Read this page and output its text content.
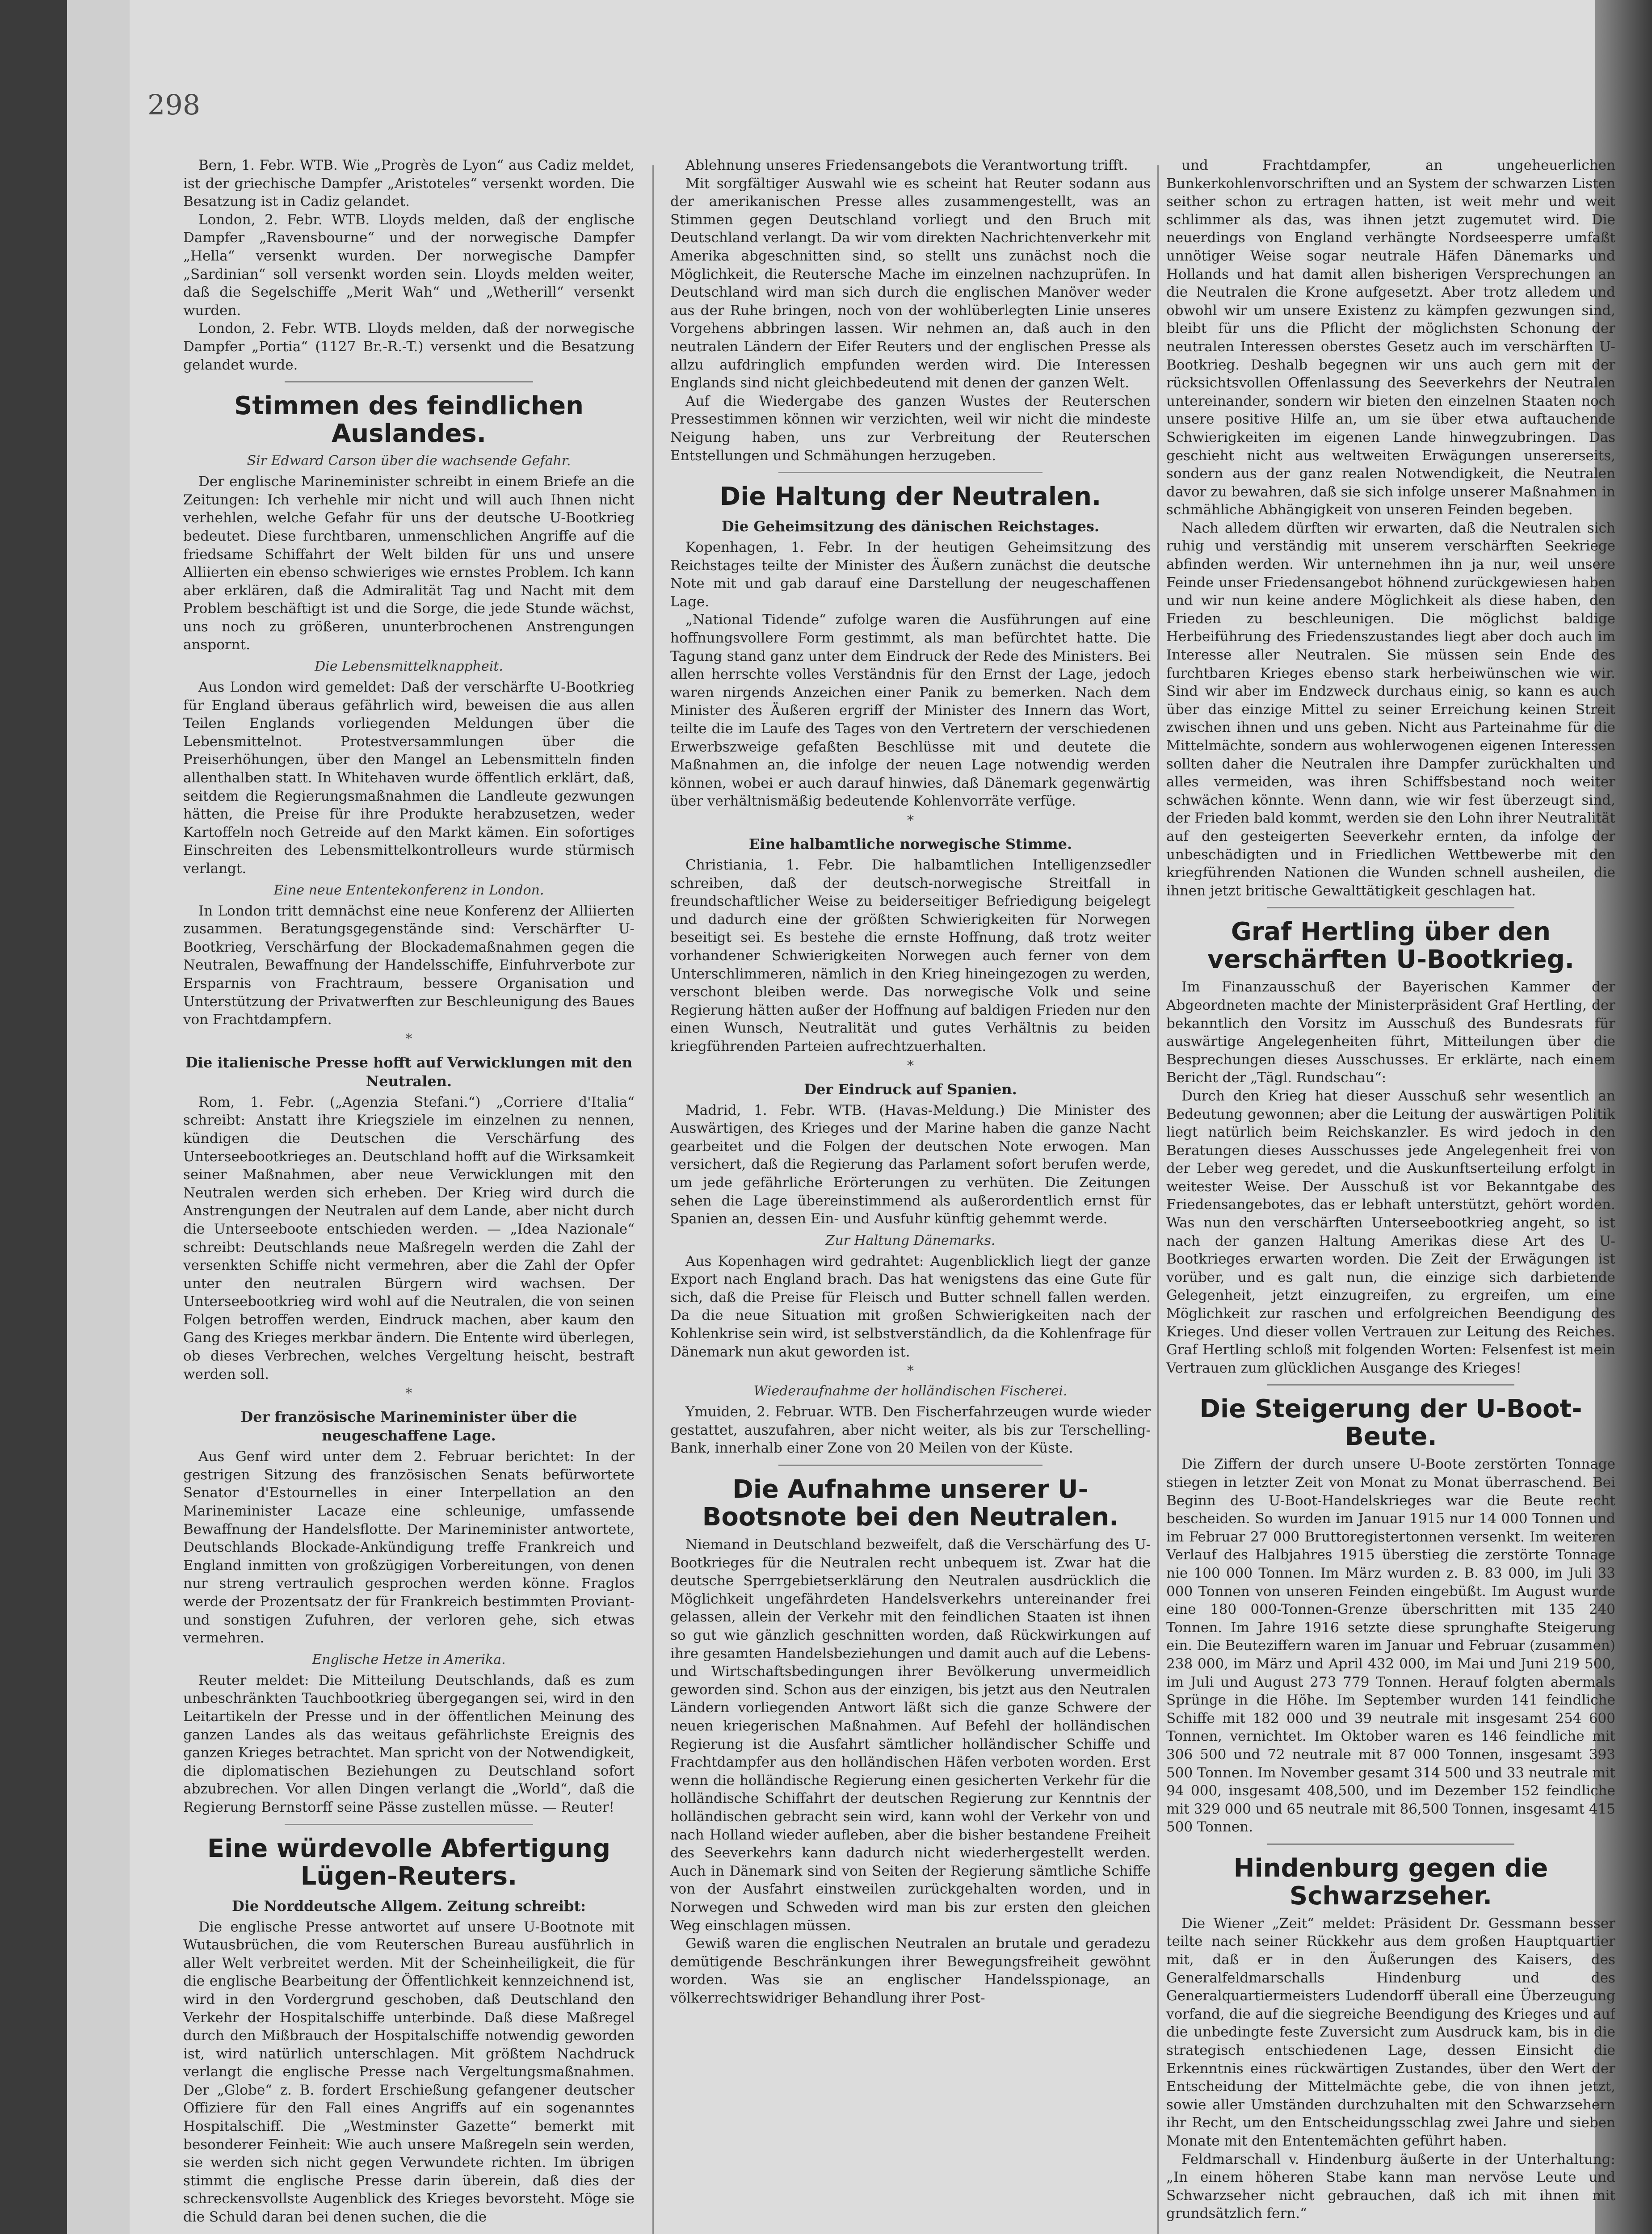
298
Bern, 1. Febr. WTB. Wie „Progrès de Lyon“ aus Cadiz meldet, ist der griechische Dampfer „Aristoteles“ versenkt worden. Die Besatzung ist in Cadiz gelandet.
London, 2. Febr. WTB. Lloyds melden, daß der englische Dampfer „Ravensbourne“ und der norwegische Dampfer „Hella“ versenkt wurden. Der norwegische Dampfer „Sardinian“ soll versenkt worden sein. Lloyds melden weiter, daß die Segelschiffe „Merit Wah“ und „Wetherill“ versenkt wurden.
London, 2. Febr. WTB. Lloyds melden, daß der norwegische Dampfer „Portia“ (1127 Br.-R.-T.) versenkt und die Besatzung gelandet wurde.
Stimmen des feindlichen Auslandes.
Sir Edward Carson über die wachsende Gefahr.
Der englische Marineminister schreibt in einem Briefe an die Zeitungen: Ich verhehle mir nicht und will auch Ihnen nicht verhehlen, welche Gefahr für uns der deutsche U-Bootkrieg bedeutet. Diese furchtbaren, unmenschlichen Angriffe auf die friedsame Schiffahrt der Welt bilden für uns und unsere Alliierten ein ebenso schwieriges wie ernstes Problem. Ich kann aber erklären, daß die Admiralität Tag und Nacht mit dem Problem beschäftigt ist und die Sorge, die jede Stunde wächst, uns noch zu größeren, ununterbrochenen Anstrengungen anspornt.
Die Lebensmittelknappheit.
Aus London wird gemeldet: Daß der verschärfte U-Bootkrieg für England überaus gefährlich wird, beweisen die aus allen Teilen Englands vorliegenden Meldungen über die Lebensmittelnot. Protestversammlungen über die Preiserhöhungen, über den Mangel an Lebensmitteln finden allenthalben statt. In Whitehaven wurde öffentlich erklärt, daß, seitdem die Regierungsmaßnahmen die Landleute gezwungen hätten, die Preise für ihre Produkte herabzusetzen, weder Kartoffeln noch Getreide auf den Markt kämen. Ein sofortiges Einschreiten des Lebensmittelkontrolleurs wurde stürmisch verlangt.
Eine neue Ententekonferenz in London.
In London tritt demnächst eine neue Konferenz der Alliierten zusammen. Beratungsgegenstände sind: Verschärfter U-Bootkrieg, Verschärfung der Blockademaßnahmen gegen die Neutralen, Bewaffnung der Handelsschiffe, Einfuhrverbote zur Ersparnis von Frachtraum, bessere Organisation und Unterstützung der Privatwerften zur Beschleunigung des Baues von Frachtdampfern.
*
Die italienische Presse hofft auf Verwicklungen mit den Neutralen.
Rom, 1. Febr. („Agenzia Stefani.“) „Corriere d'Italia“ schreibt: Anstatt ihre Kriegsziele im einzelnen zu nennen, kündigen die Deutschen die Verschärfung des Unterseebootkrieges an. Deutschland hofft auf die Wirksamkeit seiner Maßnahmen, aber neue Verwicklungen mit den Neutralen werden sich erheben. Der Krieg wird durch die Anstrengungen der Neutralen auf dem Lande, aber nicht durch die Unterseeboote entschieden werden. — „Idea Nazionale“ schreibt: Deutschlands neue Maßregeln werden die Zahl der versenkten Schiffe nicht vermehren, aber die Zahl der Opfer unter den neutralen Bürgern wird wachsen. Der Unterseebootkrieg wird wohl auf die Neutralen, die von seinen Folgen betroffen werden, Eindruck machen, aber kaum den Gang des Krieges merkbar ändern. Die Entente wird überlegen, ob dieses Verbrechen, welches Vergeltung heischt, bestraft werden soll.
*
Der französische Marineminister über die neugeschaffene Lage.
Aus Genf wird unter dem 2. Februar berichtet: In der gestrigen Sitzung des französischen Senats befürwortete Senator d'Estournelles in einer Interpellation an den Marineminister Lacaze eine schleunige, umfassende Bewaffnung der Handelsflotte. Der Marineminister antwortete, Deutschlands Blockade-Ankündigung treffe Frankreich und England inmitten von großzügigen Vorbereitungen, von denen nur streng vertraulich gesprochen werden könne. Fraglos werde der Prozentsatz der für Frankreich bestimmten Proviant- und sonstigen Zufuhren, der verloren gehe, sich etwas vermehren.
Englische Hetze in Amerika.
Reuter meldet: Die Mitteilung Deutschlands, daß es zum unbeschränkten Tauchbootkrieg übergegangen sei, wird in den Leitartikeln der Presse und in der öffentlichen Meinung des ganzen Landes als das weitaus gefährlichste Ereignis des ganzen Krieges betrachtet. Man spricht von der Notwendigkeit, die diplomatischen Beziehungen zu Deutschland sofort abzubrechen. Vor allen Dingen verlangt die „World“, daß die Regierung Bernstorff seine Pässe zustellen müsse. — Reuter!
Eine würdevolle Abfertigung Lügen-Reuters.
Die Norddeutsche Allgem. Zeitung schreibt:
Die englische Presse antwortet auf unsere U-Bootnote mit Wutausbrüchen, die vom Reuterschen Bureau ausführlich in aller Welt verbreitet werden. Mit der Scheinheiligkeit, die für die englische Bearbeitung der Öffentlichkeit kennzeichnend ist, wird in den Vordergrund geschoben, daß Deutschland den Verkehr der Hospitalschiffe unterbinde. Daß diese Maßregel durch den Mißbrauch der Hospitalschiffe notwendig geworden ist, wird natürlich unterschlagen. Mit größtem Nachdruck verlangt die englische Presse nach Vergeltungsmaßnahmen. Der „Globe“ z. B. fordert Erschießung gefangener deutscher Offiziere für den Fall eines Angriffs auf ein sogenanntes Hospitalschiff. Die „Westminster Gazette“ bemerkt mit besonderer Feinheit: Wie auch unsere Maßregeln sein werden, sie werden sich nicht gegen Verwundete richten. Im übrigen stimmt die englische Presse darin überein, daß dies der schreckensvollste Augenblick des Krieges bevorsteht. Möge sie die Schuld daran bei denen suchen, die die
Ablehnung unseres Friedensangebots die Verantwortung trifft.
Mit sorgfältiger Auswahl wie es scheint hat Reuter sodann aus der amerikanischen Presse alles zusammengestellt, was an Stimmen gegen Deutschland vorliegt und den Bruch mit Deutschland verlangt. Da wir vom direkten Nachrichtenverkehr mit Amerika abgeschnitten sind, so stellt uns zunächst noch die Möglichkeit, die Reutersche Mache im einzelnen nachzuprüfen. In Deutschland wird man sich durch die englischen Manöver weder aus der Ruhe bringen, noch von der wohlüberlegten Linie unseres Vorgehens abbringen lassen. Wir nehmen an, daß auch in den neutralen Ländern der Eifer Reuters und der englischen Presse als allzu aufdringlich empfunden werden wird. Die Interessen Englands sind nicht gleichbedeutend mit denen der ganzen Welt.
Auf die Wiedergabe des ganzen Wustes der Reuterschen Pressestimmen können wir verzichten, weil wir nicht die mindeste Neigung haben, uns zur Verbreitung der Reuterschen Entstellungen und Schmähungen herzugeben.
Die Haltung der Neutralen.
Die Geheimsitzung des dänischen Reichstages.
Kopenhagen, 1. Febr. In der heutigen Geheimsitzung des Reichstages teilte der Minister des Äußern zunächst die deutsche Note mit und gab darauf eine Darstellung der neugeschaffenen Lage.
„National Tidende“ zufolge waren die Ausführungen auf eine hoffnungsvollere Form gestimmt, als man befürchtet hatte. Die Tagung stand ganz unter dem Eindruck der Rede des Ministers. Bei allen herrschte volles Verständnis für den Ernst der Lage, jedoch waren nirgends Anzeichen einer Panik zu bemerken. Nach dem Minister des Äußeren ergriff der Minister des Innern das Wort, teilte die im Laufe des Tages von den Vertretern der verschiedenen Erwerbszweige gefaßten Beschlüsse mit und deutete die Maßnahmen an, die infolge der neuen Lage notwendig werden können, wobei er auch darauf hinwies, daß Dänemark gegenwärtig über verhältnismäßig bedeutende Kohlenvorräte verfüge.
*
Eine halbamtliche norwegische Stimme.
Christiania, 1. Febr. Die halbamtlichen Intelligenzsedler schreiben, daß der deutsch-norwegische Streitfall in freundschaftlicher Weise zu beiderseitiger Befriedigung beigelegt und dadurch eine der größten Schwierigkeiten für Norwegen beseitigt sei. Es bestehe die ernste Hoffnung, daß trotz weiter vorhandener Schwierigkeiten Norwegen auch ferner von dem Unterschlimmeren, nämlich in den Krieg hineingezogen zu werden, verschont bleiben werde. Das norwegische Volk und seine Regierung hätten außer der Hoffnung auf baldigen Frieden nur den einen Wunsch, Neutralität und gutes Verhältnis zu beiden kriegführenden Parteien aufrechtzuerhalten.
*
Der Eindruck auf Spanien.
Madrid, 1. Febr. WTB. (Havas-Meldung.) Die Minister des Auswärtigen, des Krieges und der Marine haben die ganze Nacht gearbeitet und die Folgen der deutschen Note erwogen. Man versichert, daß die Regierung das Parlament sofort berufen werde, um jede gefährliche Erörterungen zu verhüten. Die Zeitungen sehen die Lage übereinstimmend als außerordentlich ernst für Spanien an, dessen Ein- und Ausfuhr künftig gehemmt werde.
Zur Haltung Dänemarks.
Aus Kopenhagen wird gedrahtet: Augenblicklich liegt der ganze Export nach England brach. Das hat wenigstens das eine Gute für sich, daß die Preise für Fleisch und Butter schnell fallen werden. Da die neue Situation mit großen Schwierigkeiten nach der Kohlenkrise sein wird, ist selbstverständlich, da die Kohlenfrage für Dänemark nun akut geworden ist.
*
Wiederaufnahme der holländischen Fischerei.
Ymuiden, 2. Februar. WTB. Den Fischerfahrzeugen wurde wieder gestattet, auszufahren, aber nicht weiter, als bis zur Terschelling-Bank, innerhalb einer Zone von 20 Meilen von der Küste.
Die Aufnahme unserer U-Bootsnote bei den Neutralen.
Niemand in Deutschland bezweifelt, daß die Verschärfung des U-Bootkrieges für die Neutralen recht unbequem ist. Zwar hat die deutsche Sperrgebietserklärung den Neutralen ausdrücklich die Möglichkeit ungefährdeten Handelsverkehrs untereinander frei gelassen, allein der Verkehr mit den feindlichen Staaten ist ihnen so gut wie gänzlich geschnitten worden, daß Rückwirkungen auf ihre gesamten Handelsbeziehungen und damit auch auf die Lebens- und Wirtschaftsbedingungen ihrer Bevölkerung unvermeidlich geworden sind. Schon aus der einzigen, bis jetzt aus den Neutralen Ländern vorliegenden Antwort läßt sich die ganze Schwere der neuen kriegerischen Maßnahmen. Auf Befehl der holländischen Regierung ist die Ausfahrt sämtlicher holländischer Schiffe und Frachtdampfer aus den holländischen Häfen verboten worden. Erst wenn die holländische Regierung einen gesicherten Verkehr für die holländische Schiffahrt der deutschen Regierung zur Kenntnis der holländischen gebracht sein wird, kann wohl der Verkehr von und nach Holland wieder aufleben, aber die bisher bestandene Freiheit des Seeverkehrs kann dadurch nicht wiederhergestellt werden. Auch in Dänemark sind von Seiten der Regierung sämtliche Schiffe von der Ausfahrt einstweilen zurückgehalten worden, und in Norwegen und Schweden wird man bis zur ersten den gleichen Weg einschlagen müssen.
Gewiß waren die englischen Neutralen an brutale und geradezu demütigende Beschränkungen ihrer Bewegungsfreiheit gewöhnt worden. Was sie an englischer Handelsspionage, an völkerrechtswidriger Behandlung ihrer Post-
und Frachtdampfer, an ungeheuerlichen Bunkerkohlenvorschriften und an System der schwarzen Listen seither schon zu ertragen hatten, ist weit mehr und weit schlimmer als das, was ihnen jetzt zugemutet wird. Die neuerdings von England verhängte Nordseesperre umfaßt unnötiger Weise sogar neutrale Häfen Dänemarks und Hollands und hat damit allen bisherigen Versprechungen an die Neutralen die Krone aufgesetzt. Aber trotz alledem und obwohl wir um unsere Existenz zu kämpfen gezwungen sind, bleibt für uns die Pflicht der möglichsten Schonung der neutralen Interessen oberstes Gesetz auch im verschärften U-Bootkrieg. Deshalb begegnen wir uns auch gern mit der rücksichtsvollen Offenlassung des Seeverkehrs der Neutralen untereinander, sondern wir bieten den einzelnen Staaten noch unsere positive Hilfe an, um sie über etwa auftauchende Schwierigkeiten im eigenen Lande hinwegzubringen. Das geschieht nicht aus weltweiten Erwägungen unsererseits, sondern aus der ganz realen Notwendigkeit, die Neutralen davor zu bewahren, daß sie sich infolge unserer Maßnahmen in schmähliche Abhängigkeit von unseren Feinden begeben.
Nach alledem dürften wir erwarten, daß die Neutralen sich ruhig und verständig mit unserem verschärften Seekriege abfinden werden. Wir unternehmen ihn ja nur, weil unsere Feinde unser Friedensangebot höhnend zurückgewiesen haben und wir nun keine andere Möglichkeit als diese haben, den Frieden zu beschleunigen. Die möglichst baldige Herbeiführung des Friedenszustandes liegt aber doch auch im Interesse aller Neutralen. Sie müssen sein Ende des furchtbaren Krieges ebenso stark herbeiwünschen wie wir. Sind wir aber im Endzweck durchaus einig, so kann es auch über das einzige Mittel zu seiner Erreichung keinen Streit zwischen ihnen und uns geben. Nicht aus Parteinahme für die Mittelmächte, sondern aus wohlerwogenen eigenen Interessen sollten daher die Neutralen ihre Dampfer zurückhalten und alles vermeiden, was ihren Schiffsbestand noch weiter schwächen könnte. Wenn dann, wie wir fest überzeugt sind, der Frieden bald kommt, werden sie den Lohn ihrer Neutralität auf den gesteigerten Seeverkehr ernten, da infolge der unbeschädigten und in Friedlichen Wettbewerbe mit den kriegführenden Nationen die Wunden schnell ausheilen, die ihnen jetzt britische Gewalttätigkeit geschlagen hat.
Graf Hertling über den verschärften U-Bootkrieg.
Im Finanzausschuß der Bayerischen Kammer der Abgeordneten machte der Ministerpräsident Graf Hertling, der bekanntlich den Vorsitz im Ausschuß des Bundesrats für auswärtige Angelegenheiten führt, Mitteilungen über die Besprechungen dieses Ausschusses. Er erklärte, nach einem Bericht der „Tägl. Rundschau“:
Durch den Krieg hat dieser Ausschuß sehr wesentlich an Bedeutung gewonnen; aber die Leitung der auswärtigen Politik liegt natürlich beim Reichskanzler. Es wird jedoch in den Beratungen dieses Ausschusses jede Angelegenheit frei von der Leber weg geredet, und die Auskunftserteilung erfolgt in weitester Weise. Der Ausschuß ist vor Bekanntgabe des Friedensangebotes, das er lebhaft unterstützt, gehört worden. Was nun den verschärften Unterseebootkrieg angeht, so ist nach der ganzen Haltung Amerikas diese Art des U-Bootkrieges erwarten worden. Die Zeit der Erwägungen ist vorüber, und es galt nun, die einzige sich darbietende Gelegenheit, jetzt einzugreifen, zu ergreifen, um eine Möglichkeit zur raschen und erfolgreichen Beendigung des Krieges. Und dieser vollen Vertrauen zur Leitung des Reiches. Graf Hertling schloß mit folgenden Worten: Felsenfest ist mein Vertrauen zum glücklichen Ausgange des Krieges!
Die Steigerung der U-Boot-Beute.
Die Ziffern der durch unsere U-Boote zerstörten Tonnage stiegen in letzter Zeit von Monat zu Monat überraschend. Bei Beginn des U-Boot-Handelskrieges war die Beute recht bescheiden. So wurden im Januar 1915 nur 14 000 Tonnen und im Februar 27 000 Bruttoregistertonnen versenkt. Im weiteren Verlauf des Halbjahres 1915 überstieg die zerstörte Tonnage nie 100 000 Tonnen. Im März wurden z. B. 83 000, im Juli 33 000 Tonnen von unseren Feinden eingebüßt. Im August wurde eine 180 000-Tonnen-Grenze überschritten mit 135 240 Tonnen. Im Jahre 1916 setzte diese sprunghafte Steigerung ein. Die Beuteziffern waren im Januar und Februar (zusammen) 238 000, im März und April 432 000, im Mai und Juni 219 500, im Juli und August 273 779 Tonnen. Herauf folgten abermals Sprünge in die Höhe. Im September wurden 141 feindliche Schiffe mit 182 000 und 39 neutrale mit insgesamt 254 600 Tonnen, vernichtet. Im Oktober waren es 146 feindliche mit 306 500 und 72 neutrale mit 87 000 Tonnen, insgesamt 393 500 Tonnen. Im November gesamt 314 500 und 33 neutrale mit 94 000, insgesamt 408,500, und im Dezember 152 feindliche mit 329 000 und 65 neutrale mit 86,500 Tonnen, insgesamt 415 500 Tonnen.
Hindenburg gegen die Schwarzseher.
Die Wiener „Zeit“ meldet: Präsident Dr. Gessmann besser teilte nach seiner Rückkehr aus dem großen Hauptquartier mit, daß er in den Äußerungen des Kaisers, des Generalfeldmarschalls Hindenburg und des Generalquartiermeisters Ludendorff überall eine Überzeugung vorfand, die auf die siegreiche Beendigung des Krieges und auf die unbedingte feste Zuversicht zum Ausdruck kam, bis in die strategisch entschiedenen Lage, dessen Einsicht die Erkenntnis eines rückwärtigen Zustandes, über den Wert der Entscheidung der Mittelmächte gebe, die von ihnen jetzt, sowie aller Umständen durchzuhalten mit den Schwarzsehern ihr Recht, um den Entscheidungsschlag zwei Jahre und sieben Monate mit den Ententemächten geführt haben.
Feldmarschall v. Hindenburg äußerte in der Unterhaltung: „In einem höheren Stabe kann man nervöse Leute und Schwarzseher nicht gebrauchen, daß ich mit ihnen mit grundsätzlich fern.“
